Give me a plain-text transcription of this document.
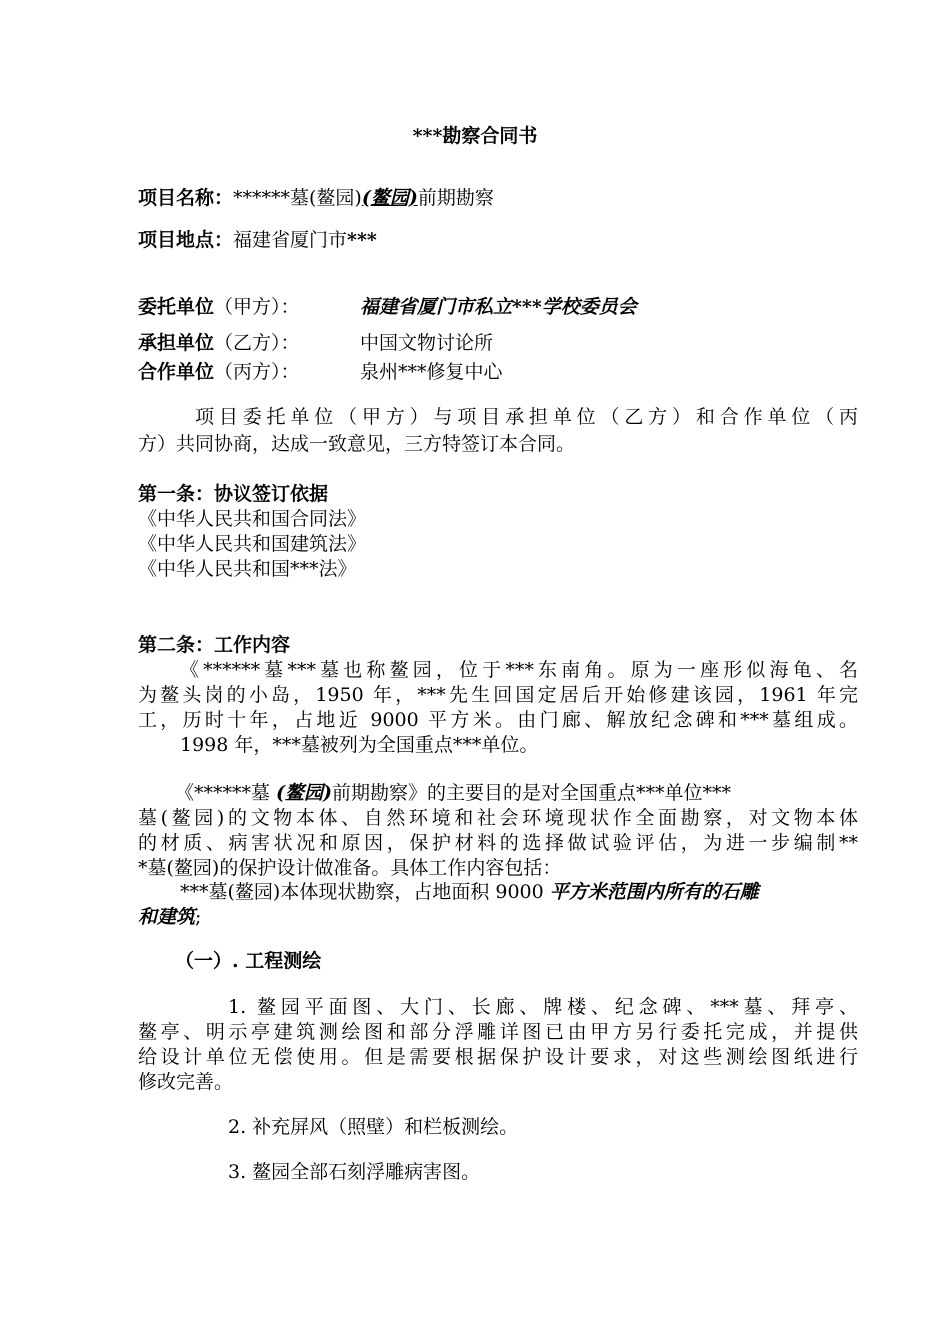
***勘察合同书
项目名称：******墓(鳌园)(鳌园)前期勘察
项目地点：福建省厦门市***
委托单位（甲方）：	福建省厦门市私立***学校委员会
承担单位（乙方）：	中国文物讨论所
合作单位（丙方）：	泉州***修复中心
项目委托单位（甲方）与项目承担单位（乙方）和合作单位（丙
方）共同协商，达成一致意见，三方特签订本合同。
第一条：协议签订依据
《中华人民共和国合同法》
《中华人民共和国建筑法》
《中华人民共和国***法》
第二条：工作内容
《******墓***墓也称鳌园，位于***东南角。原为一座形似海龟、名
为鳌头岗的小岛，1950 年，***先生回国定居后开始修建该园，1961 年完
工，历时十年，占地近 9000 平方米。由门廊、解放纪念碑和***墓组成。
1998 年，***墓被列为全国重点***单位。
《******墓 (鳌园)前期勘察》的主要目的是对全国重点***单位***
墓(鳌园)的文物本体、自然环境和社会环境现状作全面勘察，对文物本体
的材质、病害状况和原因，保护材料的选择做试验评估，为进一步编制**
*墓(鳌园)的保护设计做准备。具体工作内容包括：
***墓(鳌园)本体现状勘察，占地面积 9000 平方米范围内所有的石雕
和建筑;
（一）. 工程测绘
1. 鳌园平面图、大门、长廊、牌楼、纪念碑、***墓、拜亭、
鳌亭、明示亭建筑测绘图和部分浮雕详图已由甲方另行委托完成，并提供
给设计单位无偿使用。但是需要根据保护设计要求，对这些测绘图纸进行
修改完善。
2. 补充屏风（照壁）和栏板测绘。
3. 鳌园全部石刻浮雕病害图。
